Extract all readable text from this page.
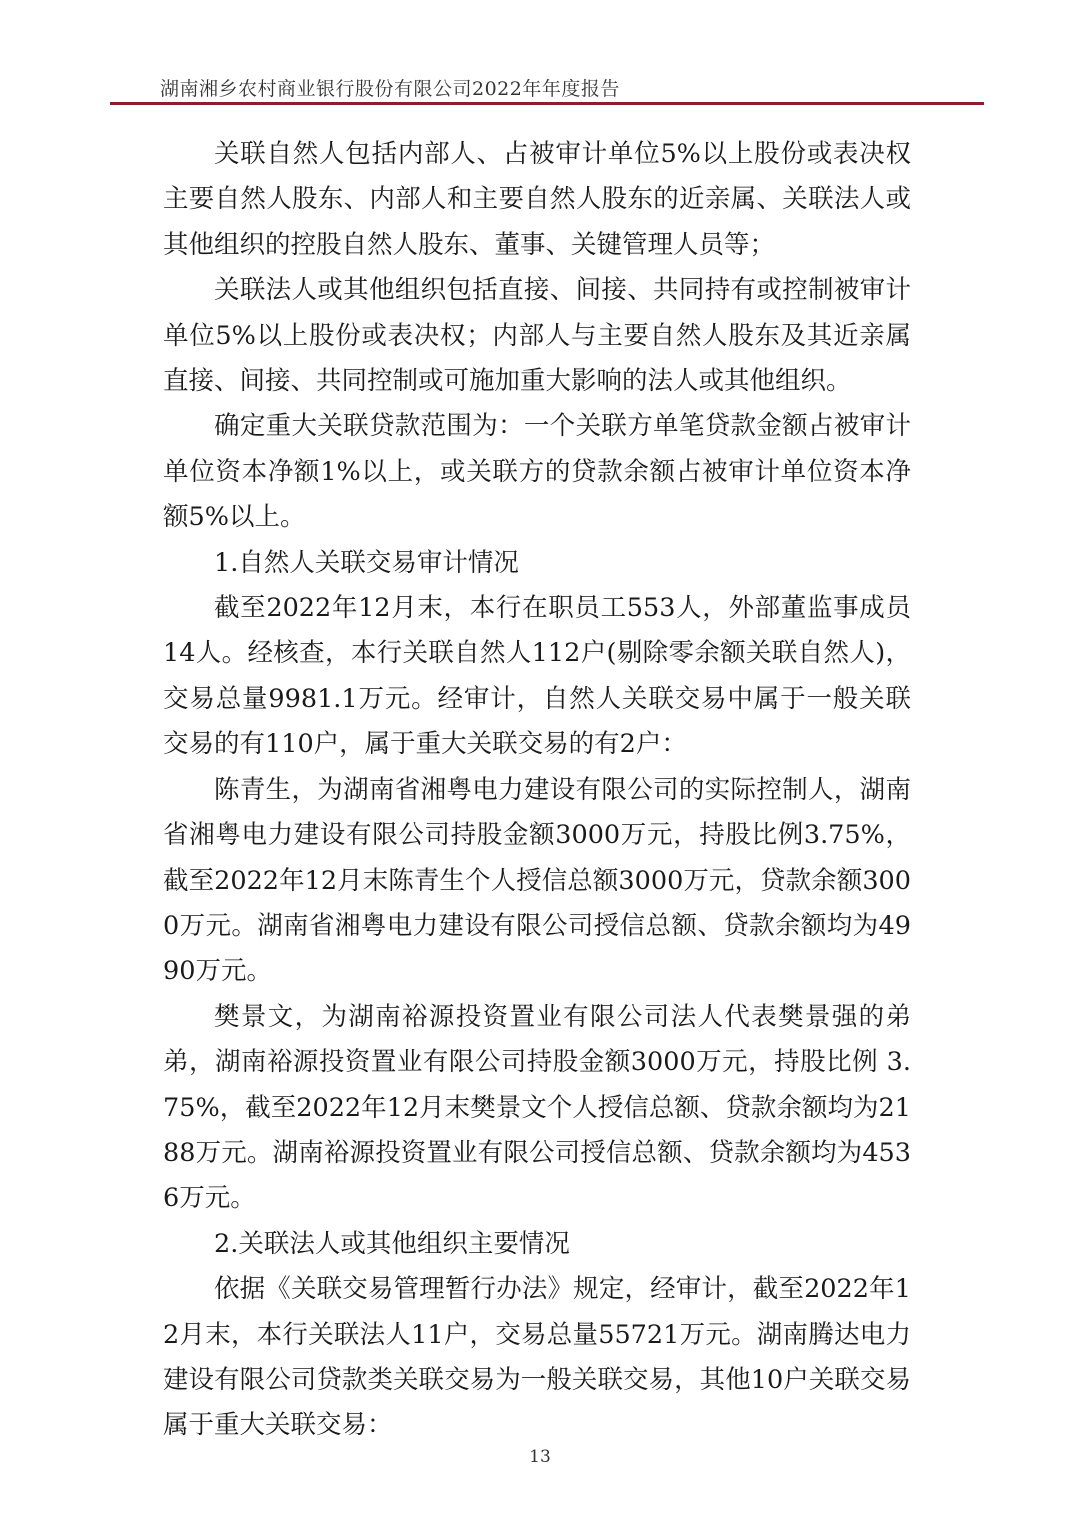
湖南湘乡农村商业银行股份有限公司2022年年度报告

关联自然人包括内部人、占被审计单位5%以上股份或表决权主要自然人股东、内部人和主要自然人股东的近亲属、关联法人或其他组织的控股自然人股东、董事、关键管理人员等；

关联法人或其他组织包括直接、间接、共同持有或控制被审计单位5%以上股份或表决权；内部人与主要自然人股东及其近亲属直接、间接、共同控制或可施加重大影响的法人或其他组织。

确定重大关联贷款范围为：一个关联方单笔贷款金额占被审计单位资本净额1%以上，或关联方的贷款余额占被审计单位资本净额5%以上。

1.自然人关联交易审计情况

截至2022年12月末，本行在职员工553人，外部董监事成员14人。经核查，本行关联自然人112户(剔除零余额关联自然人)，交易总量9981.1万元。经审计，自然人关联交易中属于一般关联交易的有110户，属于重大关联交易的有2户：

陈青生，为湖南省湘粤电力建设有限公司的实际控制人，湖南省湘粤电力建设有限公司持股金额3000万元，持股比例3.75%，截至2022年12月末陈青生个人授信总额3000万元，贷款余额3000万元。湖南省湘粤电力建设有限公司授信总额、贷款余额均为4990万元。

樊景文，为湖南裕源投资置业有限公司法人代表樊景强的弟弟，湖南裕源投资置业有限公司持股金额3000万元，持股比例 3.75%，截至2022年12月末樊景文个人授信总额、贷款余额均为2188万元。湖南裕源投资置业有限公司授信总额、贷款余额均为4536万元。

2.关联法人或其他组织主要情况

依据《关联交易管理暂行办法》规定，经审计，截至2022年12月末，本行关联法人11户，交易总量55721万元。湖南腾达电力建设有限公司贷款类关联交易为一般关联交易，其他10户关联交易属于重大关联交易：

13
